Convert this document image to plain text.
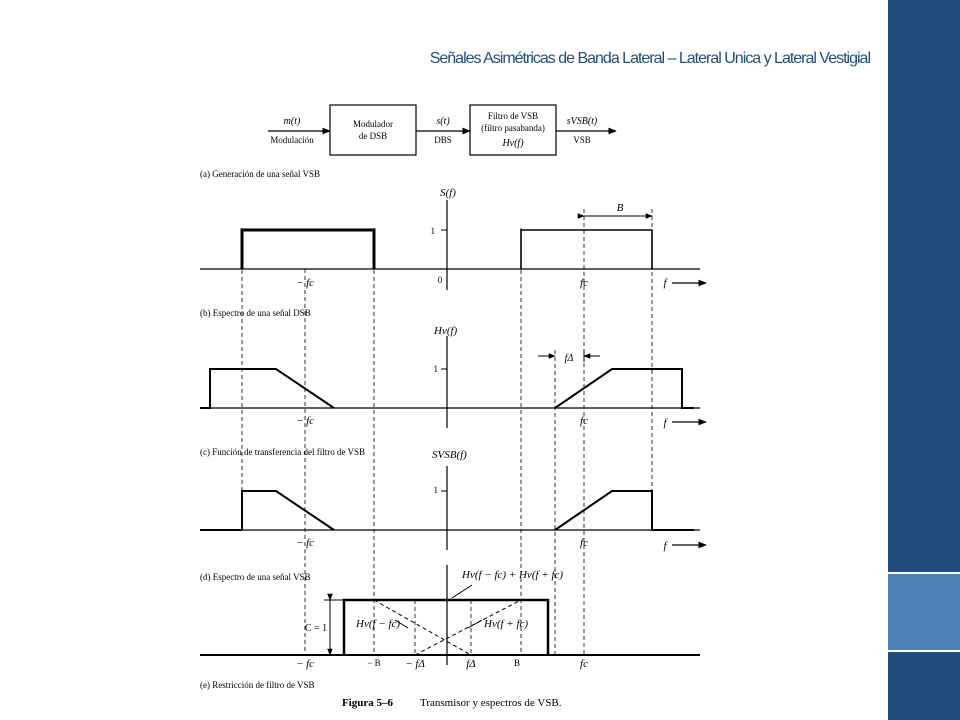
Señales Asimétricas de Banda Lateral – Lateral Unica y Lateral Vestigial
m(t)
Modulación
Modulador
de DSB
s(t)
DBS
Filtro de VSB
(filtro pasabanda)
Hv(f)
sVSB(t)
VSB
(a) Generación de una señal VSB
B
S(f)
1
0
− fc	fc	f
(b) Espectro de una señal DSB
fΔ
Hv(f)
1
− fc	fc	f
(c) Función de transferencia del filtro de VSB	SVSB(f)
1
− fc	fc	f
(d) Espectro de una señal VSB
C = 1
Hv(f − fc) + Hv(f + fc)
Hv(f − fc)	Hv(f + fc)
− fc	− B − fΔ	fΔ	B	fc
(e) Restricción de filtro de VSB
Figura 5–6 Transmisor y espectros de VSB.
